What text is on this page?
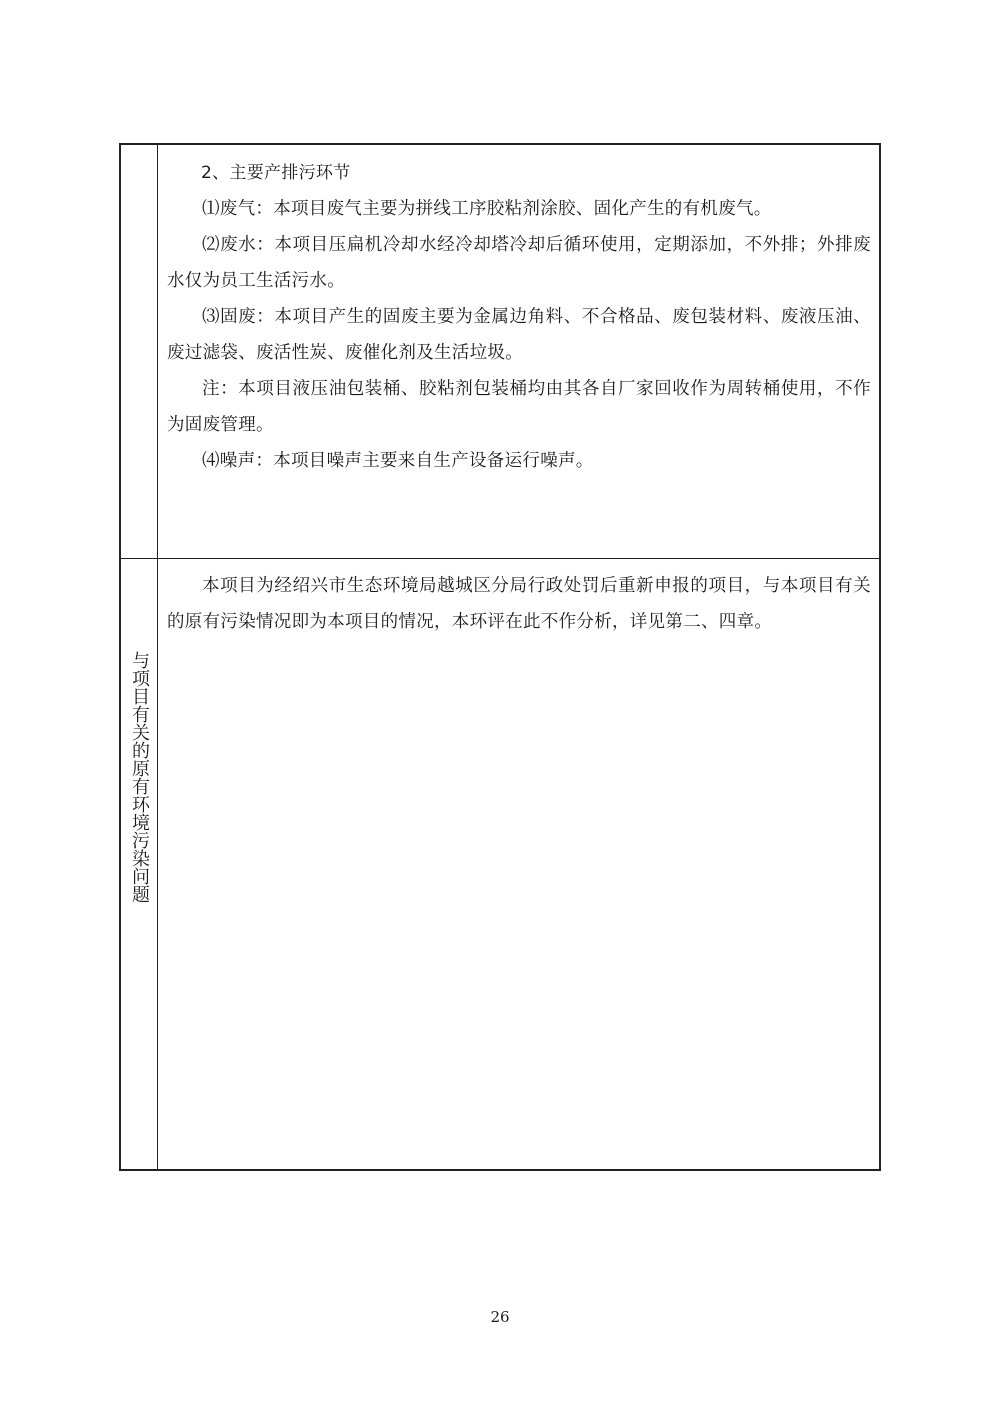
2、主要产排污环节

⑴废气：本项目废气主要为拼线工序胶粘剂涂胶、固化产生的有机废气。

⑵废水：本项目压扁机冷却水经冷却塔冷却后循环使用，定期添加，不外排；外排废水仅为员工生活污水。

⑶固废：本项目产生的固废主要为金属边角料、不合格品、废包装材料、废液压油、废过滤袋、废活性炭、废催化剂及生活垃圾。

注：本项目液压油包装桶、胶粘剂包装桶均由其各自厂家回收作为周转桶使用，不作为固废管理。

⑷噪声：本项目噪声主要来自生产设备运行噪声。

与项目有关的原有环境污染问题

本项目为经绍兴市生态环境局越城区分局行政处罚后重新申报的项目，与本项目有关的原有污染情况即为本项目的情况，本环评在此不作分析，详见第二、四章。

26
